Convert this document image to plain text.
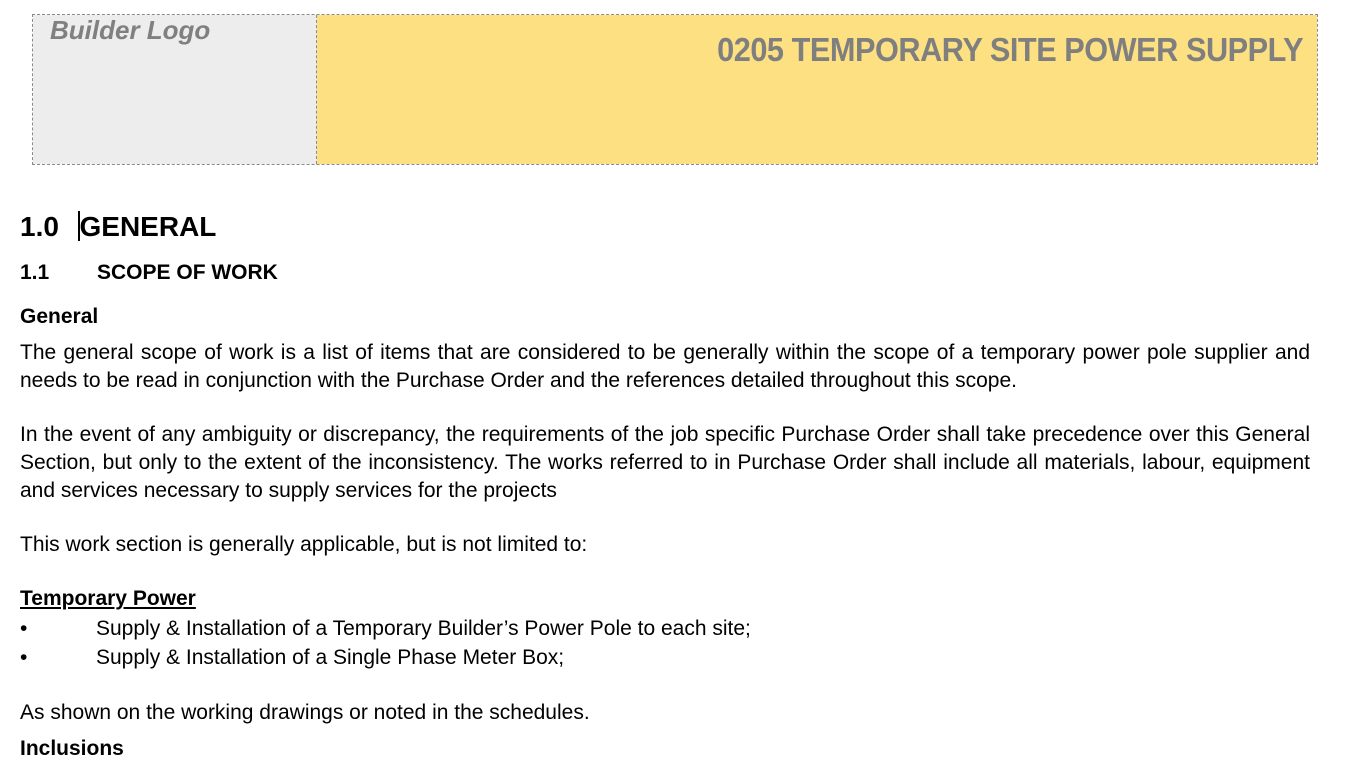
Builder Logo
0205 TEMPORARY SITE POWER SUPPLY
1.0 GENERAL
1.1 SCOPE OF WORK
General
The general scope of work is a list of items that are considered to be generally within the scope of a temporary power pole supplier and needs to be read in conjunction with the Purchase Order and the references detailed throughout this scope.
In the event of any ambiguity or discrepancy, the requirements of the job specific Purchase Order shall take precedence over this General Section, but only to the extent of the inconsistency. The works referred to in Purchase Order shall include all materials, labour, equipment and services necessary to supply services for the projects
This work section is generally applicable, but is not limited to:
Temporary Power
•	Supply & Installation of a Temporary Builder’s Power Pole to each site;
•	Supply & Installation of a Single Phase Meter Box;
As shown on the working drawings or noted in the schedules.
Inclusions
